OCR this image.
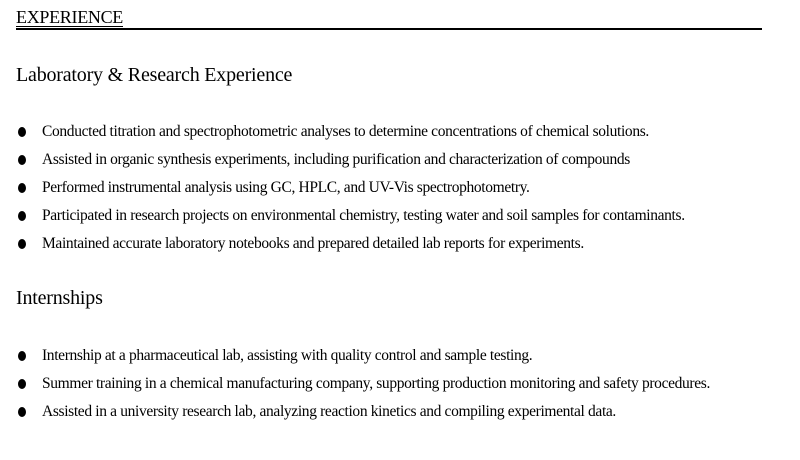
EXPERIENCE
Laboratory & Research Experience
Conducted titration and spectrophotometric analyses to determine concentrations of chemical solutions.
Assisted in organic synthesis experiments, including purification and characterization of compounds
Performed instrumental analysis using GC, HPLC, and UV-Vis spectrophotometry.
Participated in research projects on environmental chemistry, testing water and soil samples for contaminants.
Maintained accurate laboratory notebooks and prepared detailed lab reports for experiments.
Internships
Internship at a pharmaceutical lab, assisting with quality control and sample testing.
Summer training in a chemical manufacturing company, supporting production monitoring and safety procedures.
Assisted in a university research lab, analyzing reaction kinetics and compiling experimental data.
